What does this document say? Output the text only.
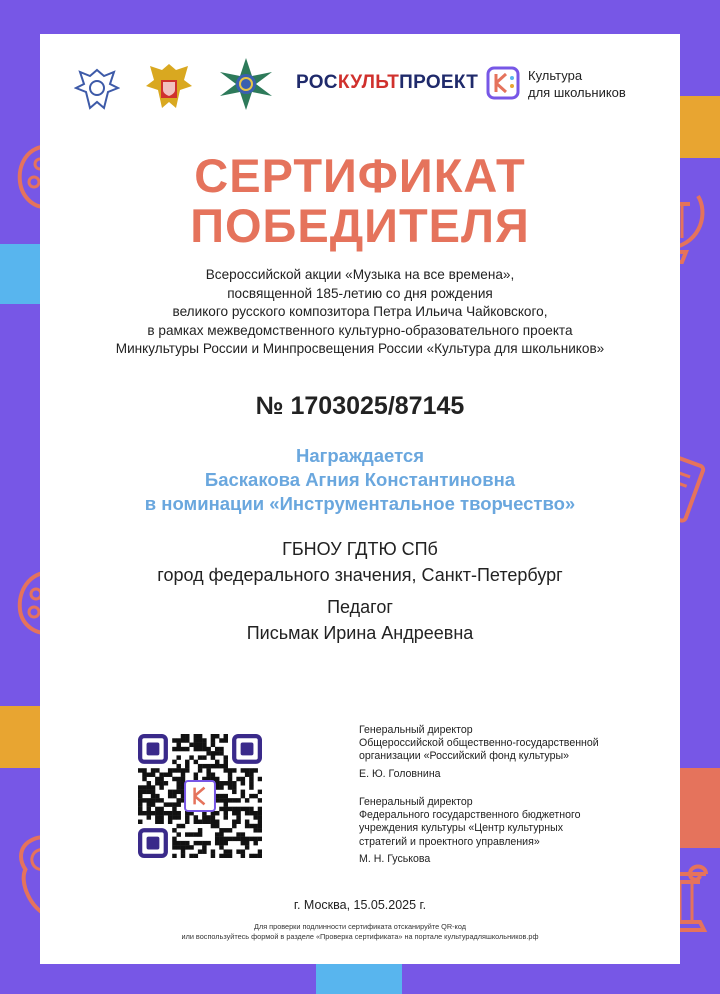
РОСКУЛЬТПРОЕКТ	Культура
для школьников
СЕРТИФИКАТ
ПОБЕДИТЕЛЯ
Всероссийской акции «Музыка на все времена»,
посвященной 185-летию со дня рождения
великого русского композитора Петра Ильича Чайковского,
в рамках межведомственного культурно-образовательного проекта
Минкультуры России и Минпросвещения России «Культура для школьников»
№ 1703025/87145
Награждается
Баскакова Агния Константиновна
в номинации «Инструментальное творчество»
ГБНОУ ГДТЮ СПб
город федерального значения, Санкт-Петербург
Педагог
Письмак Ирина Андреевна
Генеральный директор
Общероссийской общественно-государственной
организации «Российский фонд культуры»
Е. Ю. Головнина
Генеральный директор
Федерального государственного бюджетного
учреждения культуры «Центр культурных
стратегий и проектного управления»
М. Н. Гуськова
г. Москва, 15.05.2025 г.
Для проверки подлинности сертификата отсканируйте QR-код
или воспользуйтесь формой в разделе «Проверка сертификата» на портале культурадляшкольников.рф
